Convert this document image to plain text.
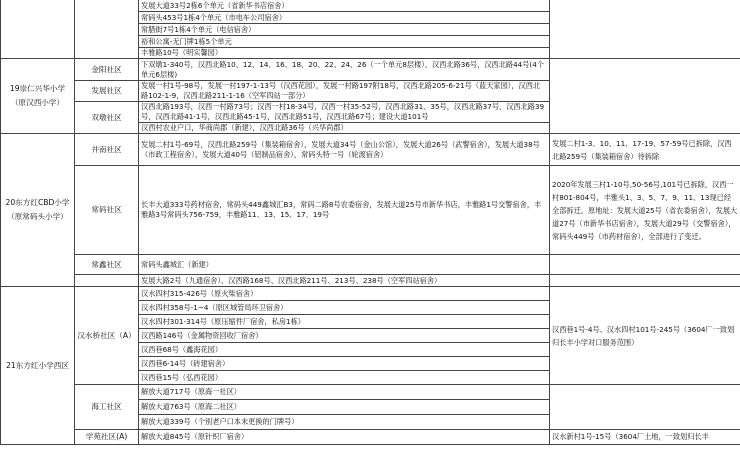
		发展大道33号2栋6个单元（省新华书店宿舍）	
		常码头453号1栋4个单元（市电车公司宿舍）	
		常腊街7号1栋4个单元（电信宿舍）	
		裕和公寓-无门牌1栋5个单元	
		丰雅路10号（明实馨园）	
19崇仁兴华小学（原汉西小学）	金阳社区	下双墩1-340号，汉西北路10、12、14、16、18、20、22、24、26（一个单元8层楼），汉西北路36号，汉西北路44号(4个单元6层楼)	
	发展社区	发展一村1号-98号，发展一村197-1-13号（汉西花园），发展一村路197附18号，汉西北路205-6-21号（蓝天家园），汉西北路102-1-9，汉西北路211-1-16（空军四站一部分）	
	双墩社区	汉西北路193号，汉西一村路73号；汉西一村18-34号，汉西一村35-52号，汉西北路31、35号，汉西北路37号，汉西北路39号，汉西北路41-1号，汉西北路45-1号，汉西北路51号，汉西北路67号；建设大道101号	
		汉西村农业户口，华商尚郡（新建），汉西北路36号（兴华尚郡）	
20东方红CBD小学（原常码头小学）	井南社区	发展二村1号-69号，汉西北路259号（集装箱宿舍），发展大道34号（金山公馆），发展大道26号（武警宿舍），发展大道38号（市政工程宿舍），发展大道40号（铝制品宿舍），常码头特一号（轮渡宿舍）	发展二村1-3、10、11、17-19、57-59号已拆除，汉西北路259号（集装箱宿舍）待拆除
	常码社区	长丰大道333号药材宿舍，常码头449鑫城汇B3，常码二路8号农委宿舍，发展大道25号市新华书店，丰雅路1号交警宿舍，丰雅路3号常码头756-759，丰雅路11、13、15、17、19号	2020年发展三村1-10号,50-56号,101号已拆除，汉西一村801-804号，丰雅头1、3、5、7、9、11、13现已经全部拆迁。原地址：发展大道25号（省农委宿舍），发展大道27号（市新华书店宿舍），发展大道29号（交警宿舍），常码头449号（市药材宿舍），全部进行了变迁。
	常鑫社区	常码头鑫城汇（新建）	
		发展大路2号（九通宿舍）、汉西路168号、汉西北路211号、213号、238号（空军四站宿舍）	
21东方红小学西区	汉水桥社区（A）	汉水四村315-426号（原火柴宿舍）	汉西巷1号-4号、汉水四村101号-245号（3604厂一致划归长丰小学对口服务范围）
		汉水四村358号-1~4（原区城管局环卫宿舍）	
		汉水四村301-314号（原压缩件厂宿舍，私房1栋）	
		汉西路146号（金属物资回收厂宿舍）	
		汉西巷68号（鑫海花园）	
		汉西巷6-14号（砖建宿舍）	
		汉西巷15号（弘西花园）	
	海工社区	解放大道717号（原海一社区）	
		解放大道763号（原海二社区）	
		解放大道339号（个别老户口本未更换的门牌号）	
	学苑社区(A)	解放大道845号（原针织厂宿舍）	汉水新村1号-15号（3604厂土地，一致划归长丰
